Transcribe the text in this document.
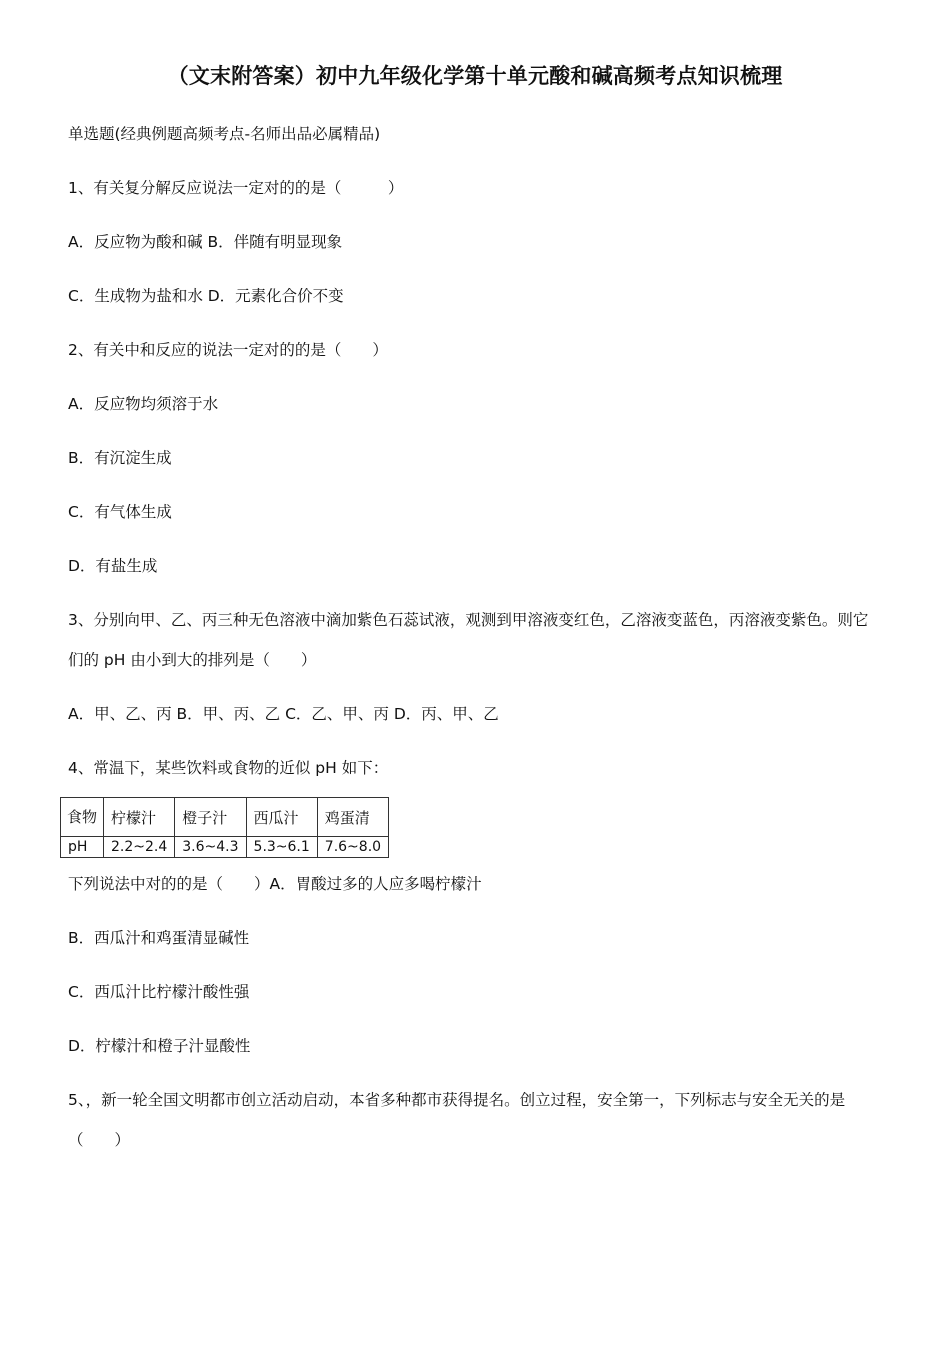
（文末附答案）初中九年级化学第十单元酸和碱高频考点知识梳理
单选题(经典例题高频考点-名师出品必属精品)
1、有关复分解反应说法一定对的的是（　　　）
A．反应物为酸和碱 B．伴随有明显现象
C．生成物为盐和水 D．元素化合价不变
2、有关中和反应的说法一定对的的是（　　）
A．反应物均须溶于水
B．有沉淀生成
C．有气体生成
D．有盐生成
3、分别向甲、乙、丙三种无色溶液中滴加紫色石蕊试液，观测到甲溶液变红色，乙溶液变蓝色，丙溶液变紫色。则它们的 pH 由小到大的排列是（　　）
A．甲、乙、丙 B．甲、丙、乙 C．乙、甲、丙 D．丙、甲、乙
4、常温下，某些饮料或食物的近似 pH 如下：
食物	柠檬汁	橙子汁	西瓜汁	鸡蛋清
pH	2.2~2.4	3.6~4.3	5.3~6.1	7.6~8.0
下列说法中对的的是（　　）A．胃酸过多的人应多喝柠檬汁
B．西瓜汁和鸡蛋清显碱性
C．西瓜汁比柠檬汁酸性强
D．柠檬汁和橙子汁显酸性
5、，新一轮全国文明都市创立活动启动，本省多种都市获得提名。创立过程，安全第一，下列标志与安全无关的是（　　）
